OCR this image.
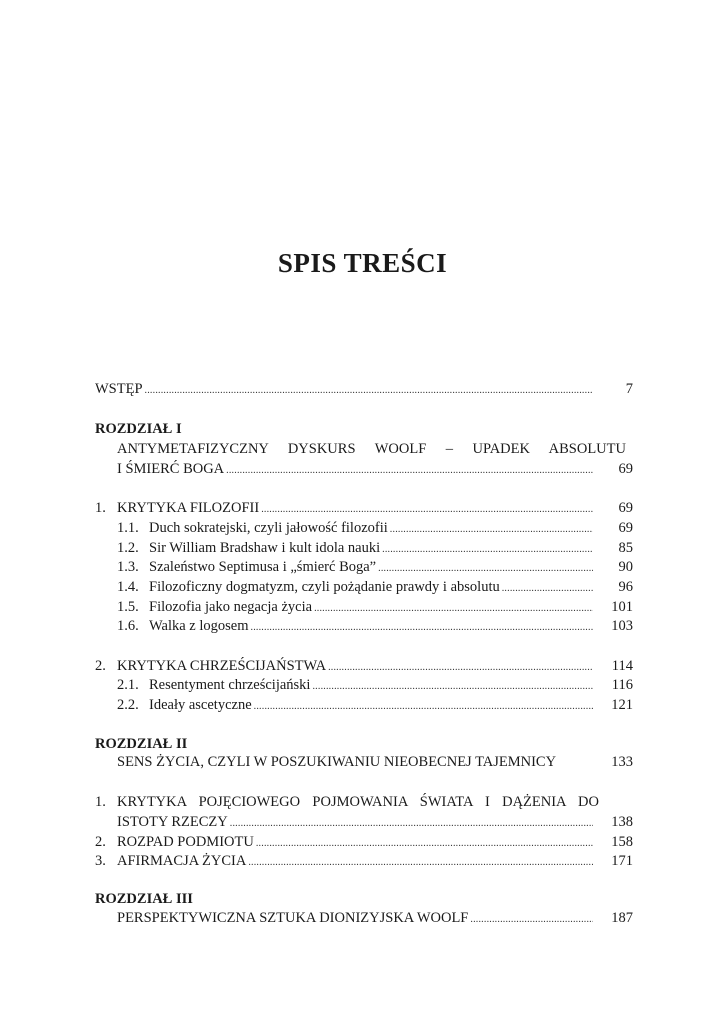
SPIS TREŚCI
WSTĘP .....	7
ROZDZIAŁ I
ANTYMETAFIZYCZNY DYSKURS WOOLF – UPADEK ABSOLUTU
I ŚMIERĆ BOGA .....	69
1. KRYTYKA FILOZOFII .....	69
1.1. Duch sokratejski, czyli jałowość filozofii .....	69
1.2. Sir William Bradshaw i kult idola nauki .....	85
1.3. Szaleństwo Septimusa i „śmierć Boga” .....	90
1.4. Filozoficzny dogmatyzm, czyli pożądanie prawdy i absolutu .....	96
1.5. Filozofia jako negacja życia .....	101
1.6. Walka z logosem .....	103
2. KRYTYKA CHRZEŚCIJAŃSTWA .....	114
2.1. Resentyment chrześcijański .....	116
2.2. Ideały ascetyczne .....	121
ROZDZIAŁ II
SENS ŻYCIA, CZYLI W POSZUKIWANIU NIEOBECNEJ TAJEMNICY	133
1. KRYTYKA POJĘCIOWEGO POJMOWANIA ŚWIATA I DĄŻENIA DO
ISTOTY RZECZY .....	138
2. ROZPAD PODMIOTU .....	158
3. AFIRMACJA ŻYCIA .....	171
ROZDZIAŁ III
PERSPEKTYWICZNA SZTUKA DIONIZYJSKA WOOLF .....	187
